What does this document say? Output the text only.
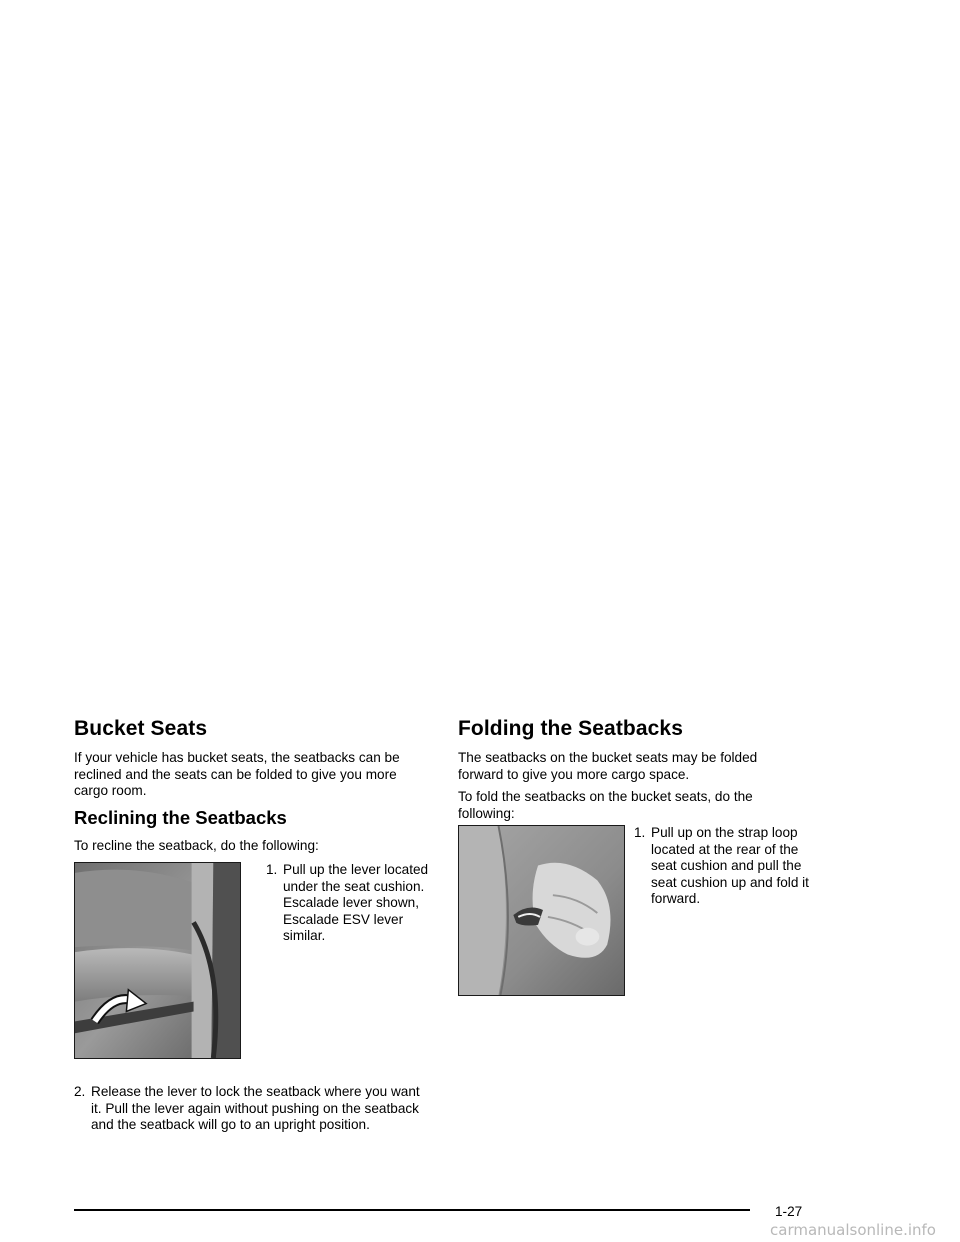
Bucket Seats

If your vehicle has bucket seats, the seatbacks can be reclined and the seats can be folded to give you more cargo room.

Reclining the Seatbacks

To recline the seatback, do the following:

1. Pull up the lever located under the seat cushion. Escalade lever shown, Escalade ESV lever similar.
2. Release the lever to lock the seatback where you want it. Pull the lever again without pushing on the seatback and the seatback will go to an upright position.
Folding the Seatbacks

The seatbacks on the bucket seats may be folded forward to give you more cargo space.

To fold the seatbacks on the bucket seats, do the following:

1. Pull up on the strap loop located at the rear of the seat cushion and pull the seat cushion up and fold it forward.
1-27
carmanualsonline.info
